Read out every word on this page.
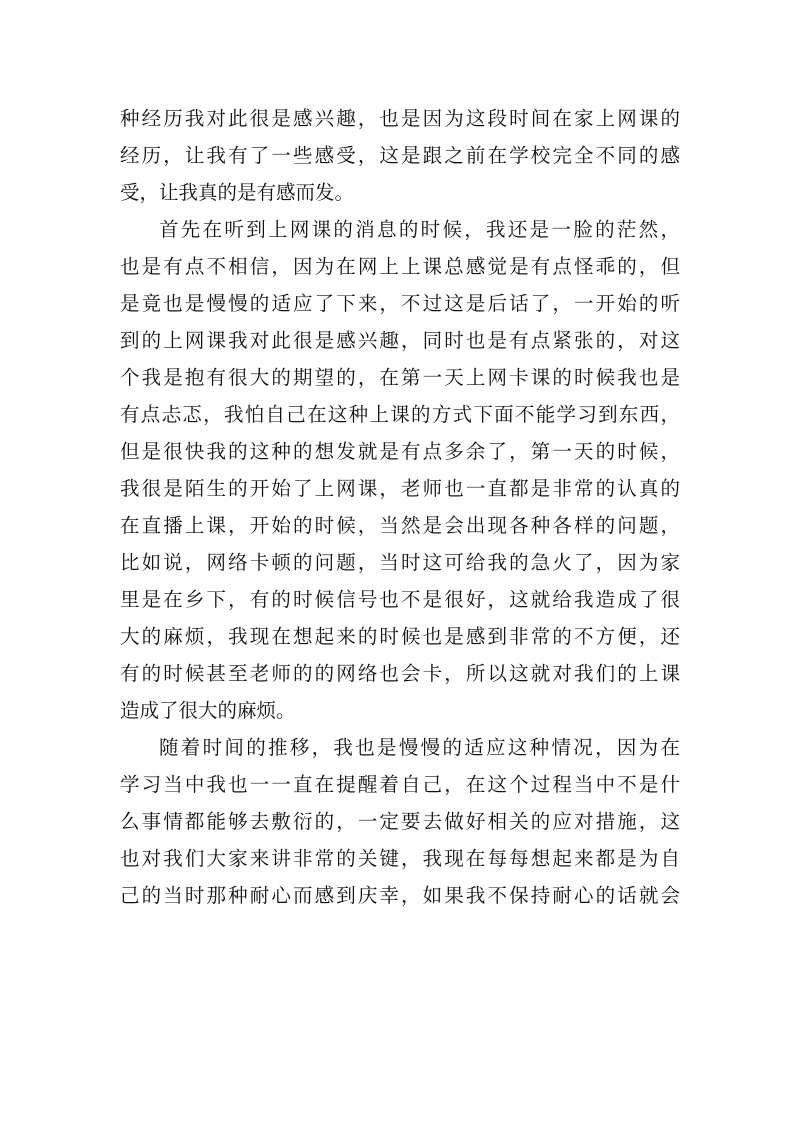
种经历我对此很是感兴趣，也是因为这段时间在家上网课的
经历，让我有了一些感受，这是跟之前在学校完全不同的感
受，让我真的是有感而发。
首先在听到上网课的消息的时候，我还是一脸的茫然，
也是有点不相信，因为在网上上课总感觉是有点怪乖的，但
是竟也是慢慢的适应了下来，不过这是后话了，一开始的听
到的上网课我对此很是感兴趣，同时也是有点紧张的，对这
个我是抱有很大的期望的，在第一天上网卡课的时候我也是
有点忐忑，我怕自己在这种上课的方式下面不能学习到东西，
但是很快我的这种的想发就是有点多余了，第一天的时候，
我很是陌生的开始了上网课，老师也一直都是非常的认真的
在直播上课，开始的时候，当然是会出现各种各样的问题，
比如说，网络卡顿的问题，当时这可给我的急火了，因为家
里是在乡下，有的时候信号也不是很好，这就给我造成了很
大的麻烦，我现在想起来的时候也是感到非常的不方便，还
有的时候甚至老师的的网络也会卡，所以这就对我们的上课
造成了很大的麻烦。
随着时间的推移，我也是慢慢的适应这种情况，因为在
学习当中我也一一直在提醒着自己，在这个过程当中不是什
么事情都能够去敷衍的，一定要去做好相关的应对措施，这
也对我们大家来讲非常的关键，我现在每每想起来都是为自
己的当时那种耐心而感到庆幸，如果我不保持耐心的话就会
